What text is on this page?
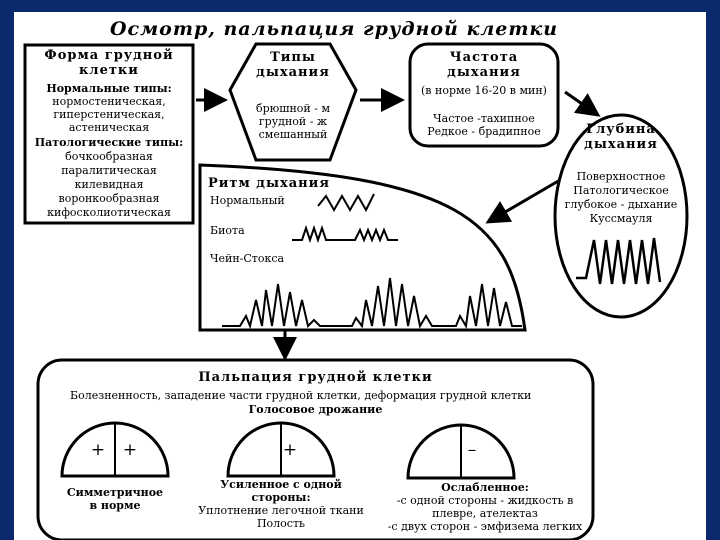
Осмотр, пальпация грудной клетки
Форма грудной клетки
Нормальные типы:
нормостеническая,
гиперстеническая,
астеническая
Патологические типы:
бочкообразная
паралитическая
килевидная
воронкообразная
кифосколиотическая
Типы дыхания
брюшной - м
грудной - ж
смешанный
Частота дыхания
(в норме 16-20 в мин)
Частое -тахипное
Редкое - брадипное	Глубина дыхания
Поверхностное
Патологическое
глубокое - дыхание
Куссмауля
Ритм дыхания
Нормальный
Биота
Чейн-Стокса
Пальпация грудной клетки
Болезненность, западение части грудной клетки, деформация грудной клетки
Голосовое дрожание
+ +
Симметричное
в норме
+
Усиленное с одной
стороны:
Уплотнение легочной ткани
Полость
–
Ослабленное:
-с одной стороны - жидкость в
плевре, ателектаз
-с двух сторон - эмфизема легких
